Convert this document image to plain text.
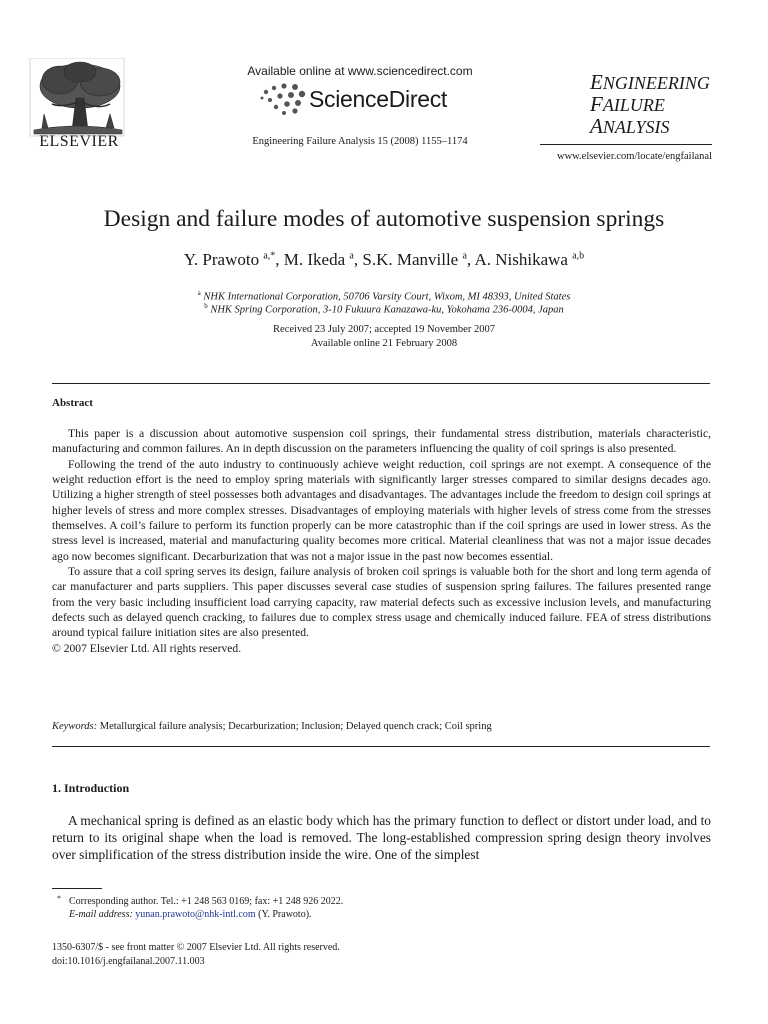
ELSEVIER
Available online at www.sciencedirect.com
ScienceDirect
Engineering Failure Analysis 15 (2008) 1155–1174
ENGINEERING
FAILURE
ANALYSIS
www.elsevier.com/locate/engfailanal
Design and failure modes of automotive suspension springs
Y. Prawoto $^{a,*}$, M. Ikeda $^a$, S.K. Manville $^a$, A. Nishikawa $^{a,b}$
$^a$ NHK International Corporation, 50706 Varsity Court, Wixom, MI 48393, United States
$^b$ NHK Spring Corporation, 3-10 Fukuura Kanazawa-ku, Yokohama 236-0004, Japan
Received 23 July 2007; accepted 19 November 2007
Available online 21 February 2008
Abstract

This paper is a discussion about automotive suspension coil springs, their fundamental stress distribution, materials characteristic, manufacturing and common failures. An in depth discussion on the parameters influencing the quality of coil springs is also presented.

Following the trend of the auto industry to continuously achieve weight reduction, coil springs are not exempt. A consequence of the weight reduction effort is the need to employ spring materials with significantly larger stresses compared to similar designs decades ago. Utilizing a higher strength of steel possesses both advantages and disadvantages. The advantages include the freedom to design coil springs at higher levels of stress and more complex stresses. Disadvantages of employing materials with higher levels of stress come from the stresses themselves. A coil’s failure to perform its function properly can be more catastrophic than if the coil springs are used in lower stress. As the stress level is increased, material and manufacturing quality becomes more critical. Material cleanliness that was not a major issue decades ago now becomes significant. Decarburization that was not a major issue in the past now becomes essential.

To assure that a coil spring serves its design, failure analysis of broken coil springs is valuable both for the short and long term agenda of car manufacturer and parts suppliers. This paper discusses several case studies of suspension spring failures. The failures presented range from the very basic including insufficient load carrying capacity, raw material defects such as excessive inclusion levels, and manufacturing defects such as delayed quench cracking, to failures due to complex stress usage and chemically induced failure. FEA of stress distributions around typical failure initiation sites are also presented.

© 2007 Elsevier Ltd. All rights reserved.

Keywords: Metallurgical failure analysis; Decarburization; Inclusion; Delayed quench crack; Coil spring
1. Introduction

A mechanical spring is defined as an elastic body which has the primary function to deflect or distort under load, and to return to its original shape when the load is removed. The long-established compression spring design theory involves over simplification of the stress distribution inside the wire. One of the simplest

* Corresponding author. Tel.: +1 248 563 0169; fax: +1 248 926 2022.
E-mail address: yunan.prawoto@nhk-intl.com (Y. Prawoto).
1350-6307/$ - see front matter © 2007 Elsevier Ltd. All rights reserved.
doi:10.1016/j.engfailanal.2007.11.003
